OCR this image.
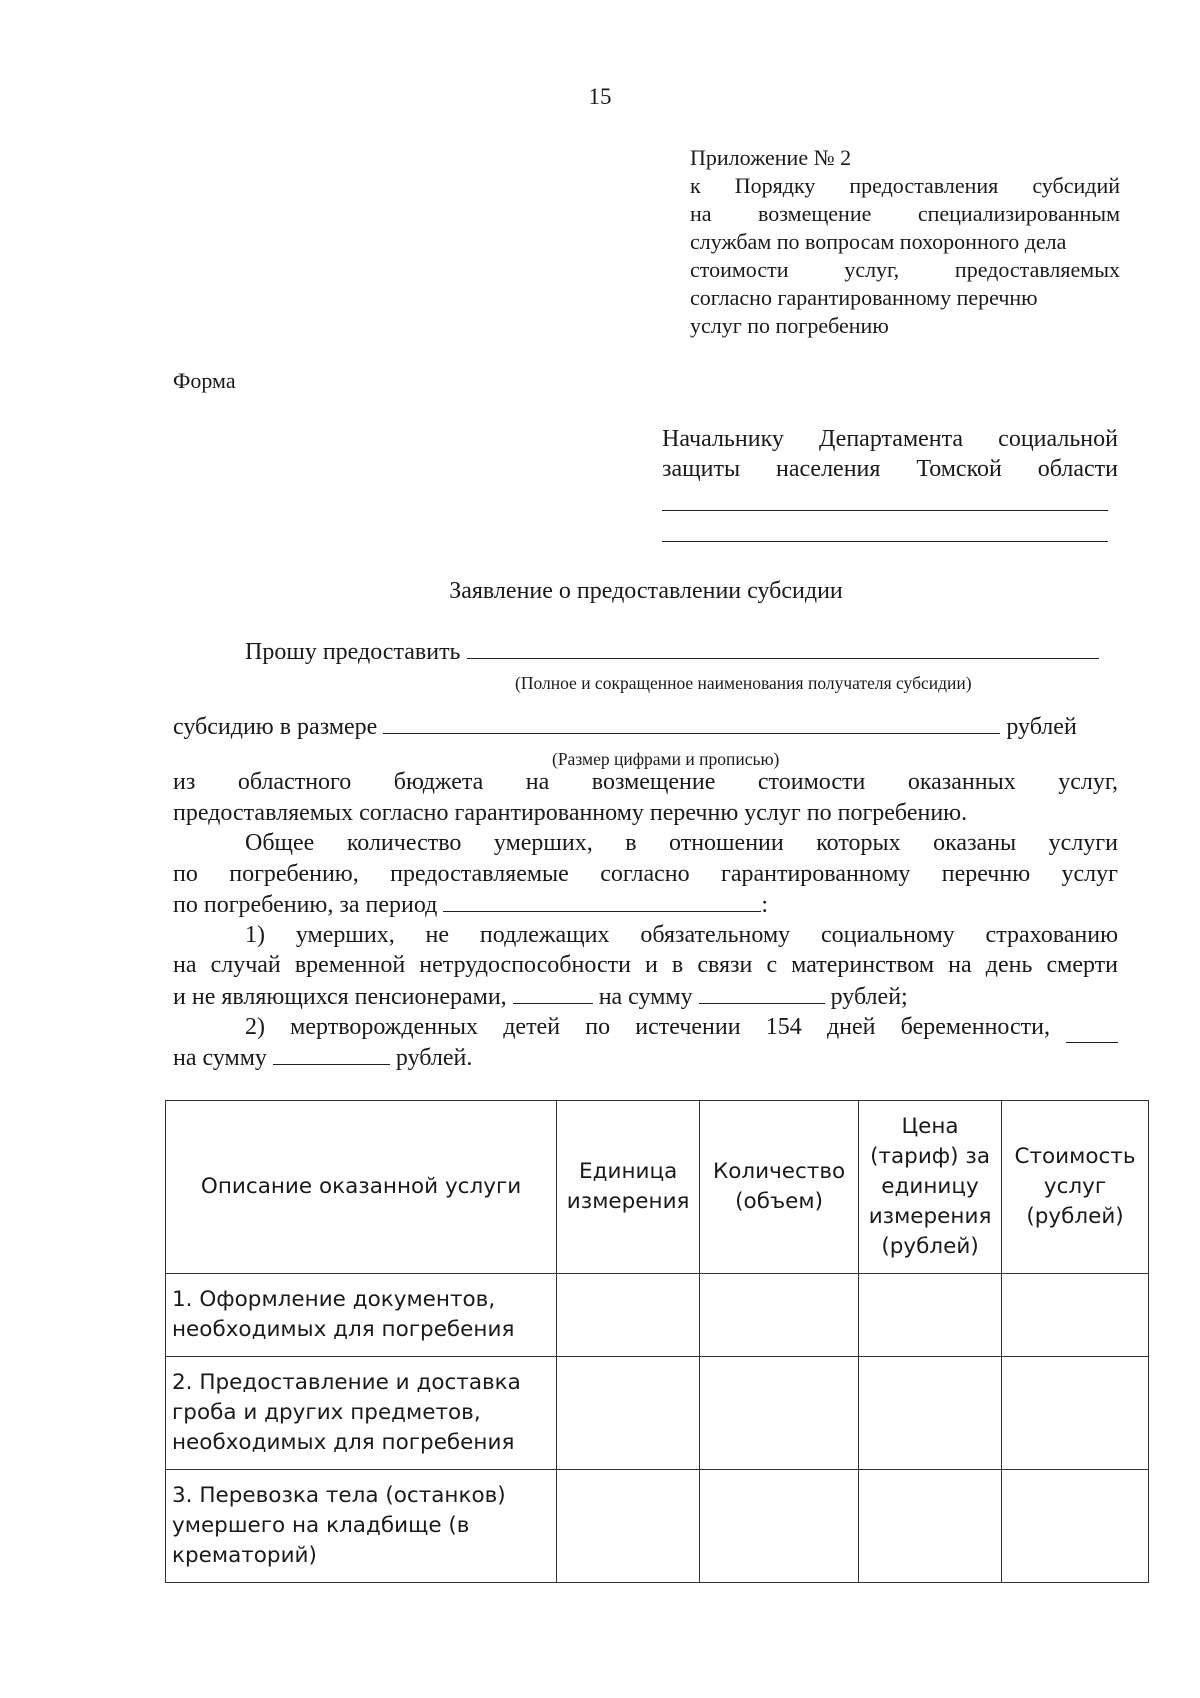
15
Приложение № 2
к Порядку предоставления субсидий
на возмещение специализированным
службам по вопросам похоронного дела
стоимости услуг, предоставляемых
согласно гарантированному перечню
услуг по погребению
Форма
Начальнику Департамента социальной
защиты населения Томской области
Заявление о предоставлении субсидии
Прошу предоставить
(Полное и сокращенное наименования получателя субсидии)
субсидию в размере	рублей
(Размер цифрами и прописью)
из областного бюджета на возмещение стоимости оказанных услуг,
предоставляемых согласно гарантированному перечню услуг по погребению.
Общее количество умерших, в отношении которых оказаны услуги
по погребению, предоставляемые согласно гарантированному перечню услуг
по погребению, за период	:
1) умерших, не подлежащих обязательному социальному страхованию
на случай временной нетрудоспособности и в связи с материнством на день смерти
и не являющихся пенсионерами,	на сумму	рублей;
2) мертворожденных детей по истечении 154 дней беременности,
на сумму	рублей.
Описание оказанной услуги	Единица измерения	Количество (объем)	Цена (тариф) за единицу измерения (рублей)	Стоимость услуг (рублей)
1. Оформление документов, необходимых для погребения				
2. Предоставление и доставка гроба и других предметов, необходимых для погребения				
3. Перевозка тела (останков) умершего на кладбище (в крематорий)				
